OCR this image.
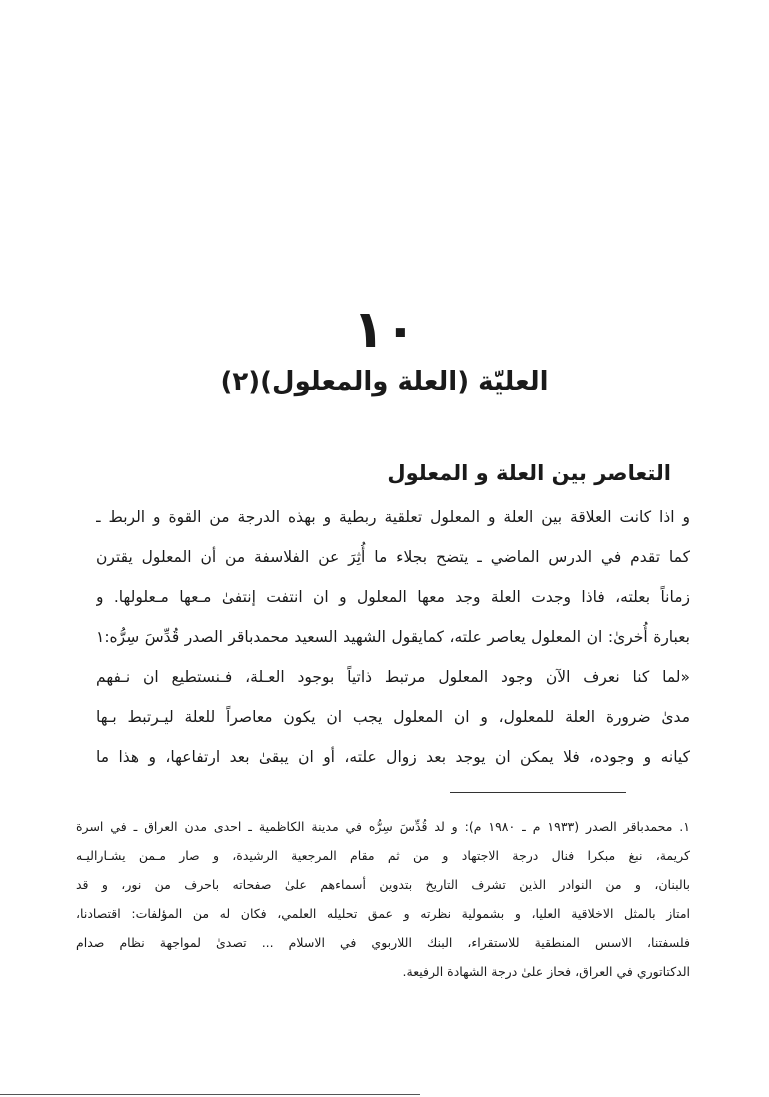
١٠
العليّة (العلة والمعلول)(٢)
التعاصر بين العلة و المعلول
و اذا كانت العلاقة بين العلة و المعلول تعلقية ربطية و بهذه الدرجة من القوة و الربط ـ
كما تقدم في الدرس الماضي ـ يتضح بجلاء ما أُثِرَ عن الفلاسفة من أن المعلول يقترن
زماناً بعلته، فاذا وجدت العلة وجد معها المعلول و ان انتفت إنتفىٰ مـعها مـعلولها. و
بعبارة أُخرىٰ: ان المعلول يعاصر علته، كمايقول الشهيد السعيد محمدباقر الصدر قُدِّسَ سِرُّه:١
«لما كنا نعرف الآن وجود المعلول مرتبط ذاتياً بوجود العـلة، فـنستطيع ان نـفهم
مدىٰ ضرورة العلة للمعلول، و ان المعلول يجب ان يكون معاصراً للعلة ليـرتبط بـها
كيانه و وجوده، فلا يمكن ان يوجد بعد زوال علته، أو ان يبقىٰ بعد ارتفاعها، و هذا ما
١. محمدباقر الصدر (١٩٣٣ م ـ ١٩٨٠ م): و لد قُدِّسَ سِرُّه في مدينة الكاظمية ـ احدى مدن العراق ـ في اسرة
كريمة، نبغ مبكرا فنال درجة الاجتهاد و من ثم مقام المرجعية الرشيدة، و صار مـمن يشـاراليـه
بالبنان، و من النوادر الذين تشرف التاريخ بتدوين أسماءهم علىٰ صفحاته باحرف من نور، و قد
امتاز بالمثل الاخلاقية العليا، و بشمولية نظرته و عمق تحليله العلمي، فكان له من المؤلفات: اقتصادنا،
فلسفتنا، الاسس المنطقية للاستقراء، البنك اللاربوي في الاسلام ... تصدىٰ لمواجهة نظام صدام
الدكتاتوري في العراق، فحاز علىٰ درجة الشهادة الرفيعة.
